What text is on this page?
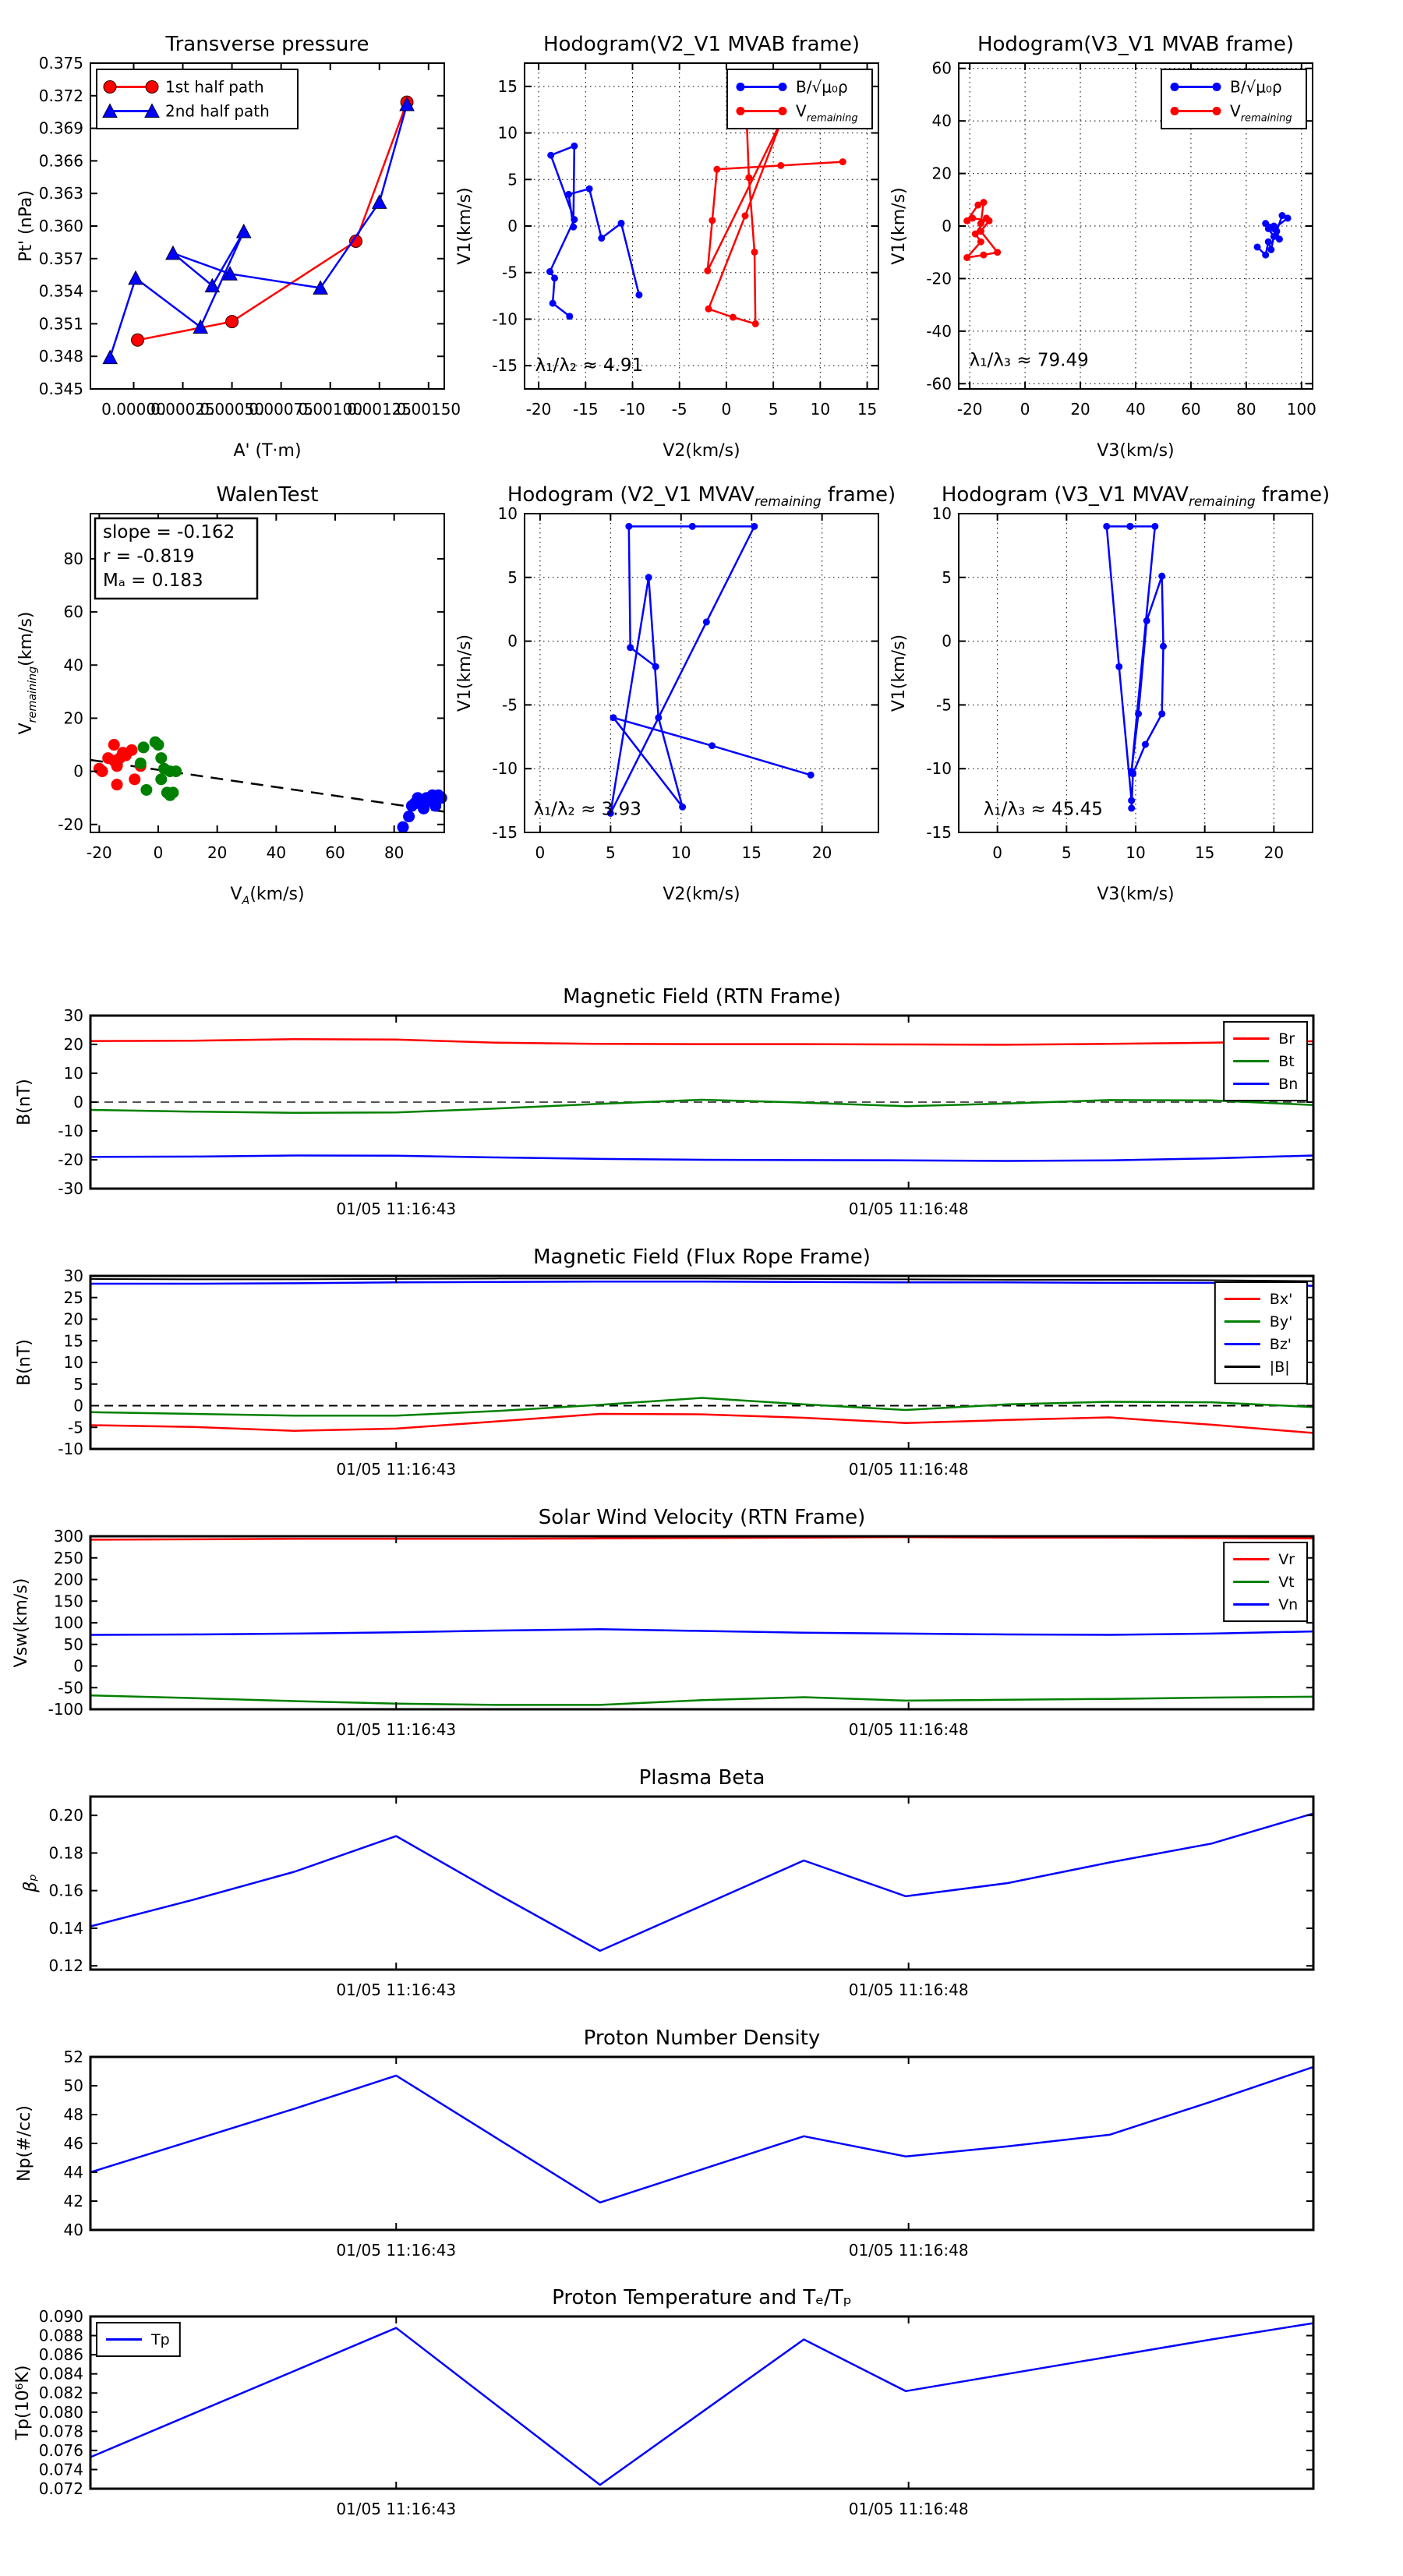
0.00000
0.00025
0.00050
0.00075
0.00100
0.00125
0.00150
0.345
0.348
0.351
0.354
0.357
0.360
0.363
0.366
0.369
0.372
0.375
Transverse pressure
A' (T·m)
Pt' (nPa)
1st half path
2nd half path
-20 -15 -10 -5 0 5 10 15
-15
-10
-5
0
5
10
15
Hodogram(V2_V1 MVAB frame)
V2(km/s)
V1(km/s)
B/√μ₀ρ
$V_{remaining}$
λ₁/λ₂ ≈ 4.91
-20 0	20 40 60 80 100
-60
-40
-20
0
20
40
60
Hodogram(V3_V1 MVAB frame)
V3(km/s)
V1(km/s)
B/√μ₀ρ
$V_{remaining}$
λ₁/λ₃ ≈ 79.49
-20	0	20	40	60	80
-20
0
20
40
60
80
WalenTest
$V_A(km/s)$
$V_{remaining}(km/s)$
slope = -0.162
r = -0.819
Mₐ = 0.183
0	5	10	15	20
-15
-10
-5
0
5
10
Hodogram (V2_V1 $MVAV_{remaining}$ frame)
V2(km/s)
V1(km/s)
λ₁/λ₂ ≈ 3.93
0	5	10	15	20
-15
-10
-5
0
5
10
Hodogram (V3_V1 $MVAV_{remaining}$ frame)
V3(km/s)
V1(km/s)
λ₁/λ₃ ≈ 45.45
01/05 11:16:43	01/05 11:16:48
-30
-20
-10
0
10
20
30
Magnetic Field (RTN Frame)
B(nT)
Br
Bt
Bn
01/05 11:16:43	01/05 11:16:48
-10
-5
0
5
10
15
20
25
30
Magnetic Field (Flux Rope Frame)
B(nT)
Bx'
By'
Bz'
|B|
01/05 11:16:43	01/05 11:16:48
-100
-50
0
50
100
150
200
250
300
Solar Wind Velocity (RTN Frame)
Vsw(km/s)
Vr
Vt
Vn
01/05 11:16:43	01/05 11:16:48
0.12
0.14
0.16
0.18
0.20
Plasma Beta
βₚ
01/05 11:16:43	01/05 11:16:48
40
42
44
46
48
50
52
Proton Number Density
Np(#/cc)
01/05 11:16:43	01/05 11:16:48
0.072
0.074
0.076
0.078
0.080
0.082
0.084
0.086
0.088
0.090
Proton Temperature and Tₑ/Tₚ
Tp(10⁶K)
Tp
